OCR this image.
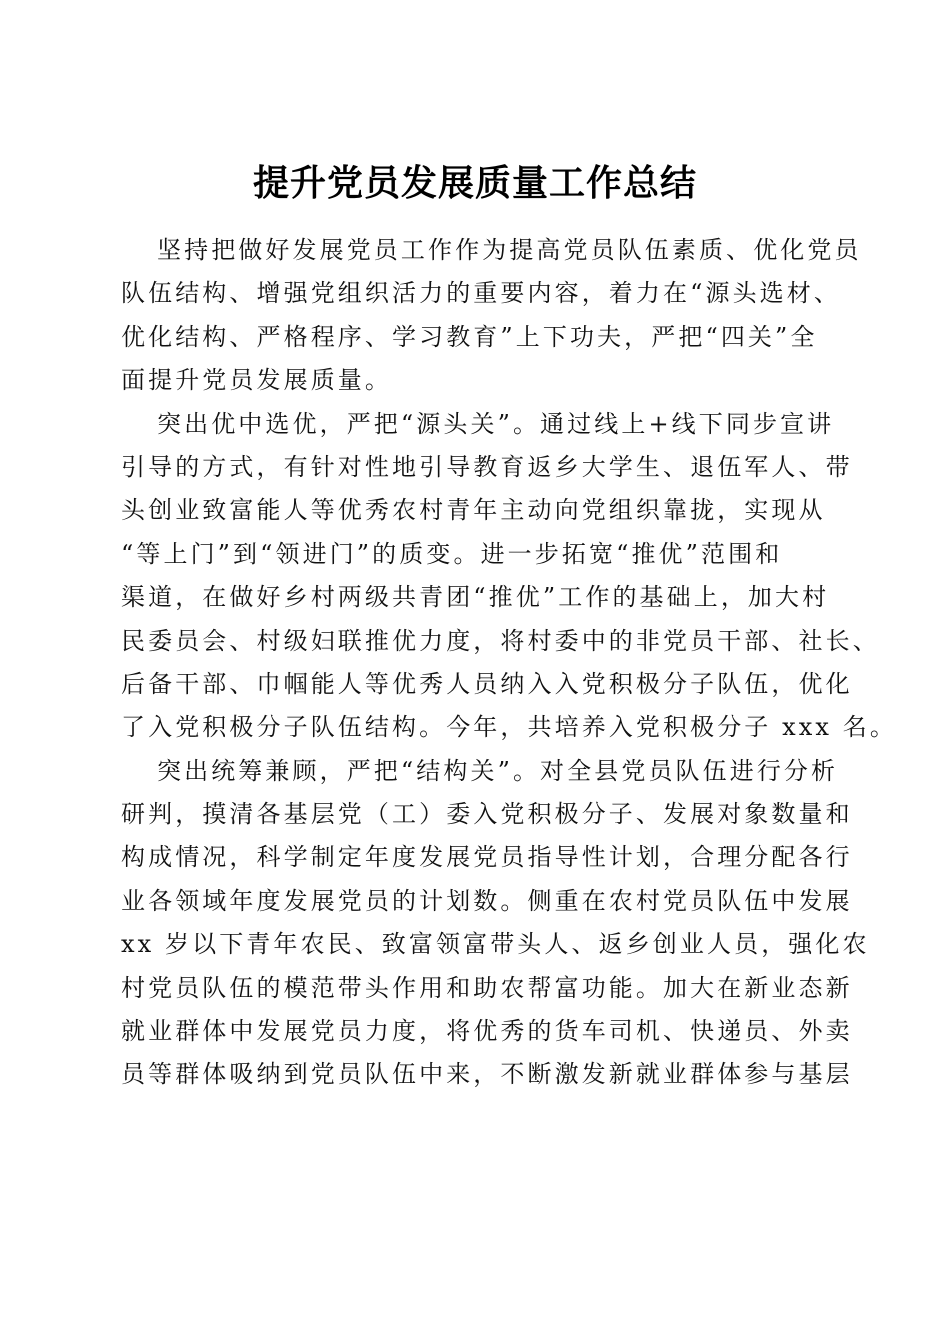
提升党员发展质量工作总结

坚持把做好发展党员工作作为提高党员队伍素质、优化党员
队伍结构、增强党组织活力的重要内容，着力在“源头选材、
优化结构、严格程序、学习教育”上下功夫，严把“四关”全
面提升党员发展质量。

突出优中选优，严把“源头关”。通过线上+线下同步宣讲
引导的方式，有针对性地引导教育返乡大学生、退伍军人、带
头创业致富能人等优秀农村青年主动向党组织靠拢，实现从
“等上门”到“领进门”的质变。进一步拓宽“推优”范围和
渠道，在做好乡村两级共青团“推优”工作的基础上，加大村
民委员会、村级妇联推优力度，将村委中的非党员干部、社长、
后备干部、巾帼能人等优秀人员纳入入党积极分子队伍，优化
了入党积极分子队伍结构。今年，共培养入党积极分子 xxx 名。

突出统筹兼顾，严把“结构关”。对全县党员队伍进行分析
研判，摸清各基层党（工）委入党积极分子、发展对象数量和
构成情况，科学制定年度发展党员指导性计划，合理分配各行
业各领域年度发展党员的计划数。侧重在农村党员队伍中发展
xx 岁以下青年农民、致富领富带头人、返乡创业人员，强化农
村党员队伍的模范带头作用和助农帮富功能。加大在新业态新
就业群体中发展党员力度，将优秀的货车司机、快递员、外卖
员等群体吸纳到党员队伍中来，不断激发新就业群体参与基层
